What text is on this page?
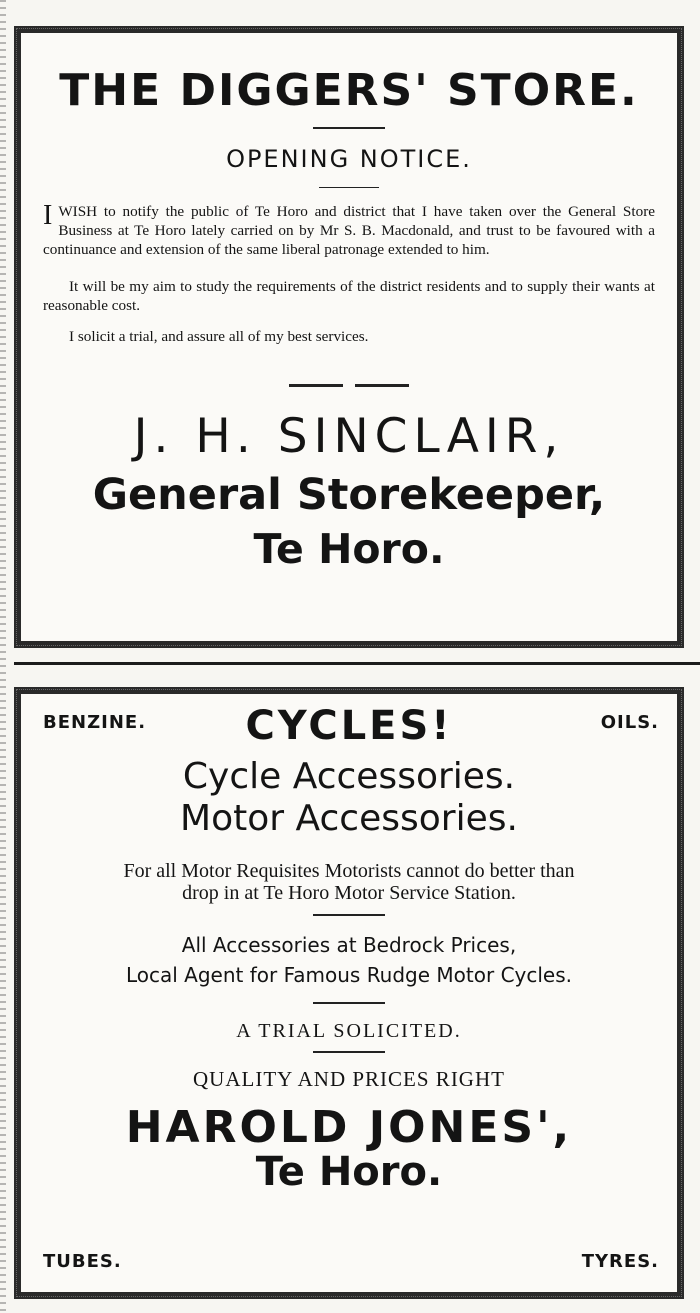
THE DIGGERS' STORE.
OPENING NOTICE.

I WISH to notify the public of Te Horo and district that I have taken over the General Store Business at Te Horo lately carried on by Mr S. B. Macdonald, and trust to be favoured with a continuance and extension of the same liberal patronage extended to him.

It will be my aim to study the requirements of the district residents and to supply their wants at reasonable cost.

I solicit a trial, and assure all of my best services.

J. H. SINCLAIR,
General Storekeeper,
Te Horo.
BENZINE.	OILS.
CYCLES!
Cycle Accessories.
Motor Accessories.
For all Motor Requisites Motorists cannot do better than drop in at Te Horo Motor Service Station.
All Accessories at Bedrock Prices,
Local Agent for Famous Rudge Motor Cycles.
A TRIAL SOLICITED.
QUALITY AND PRICES RIGHT
HAROLD JONES',
Te Horo.
TUBES.	TYRES.
